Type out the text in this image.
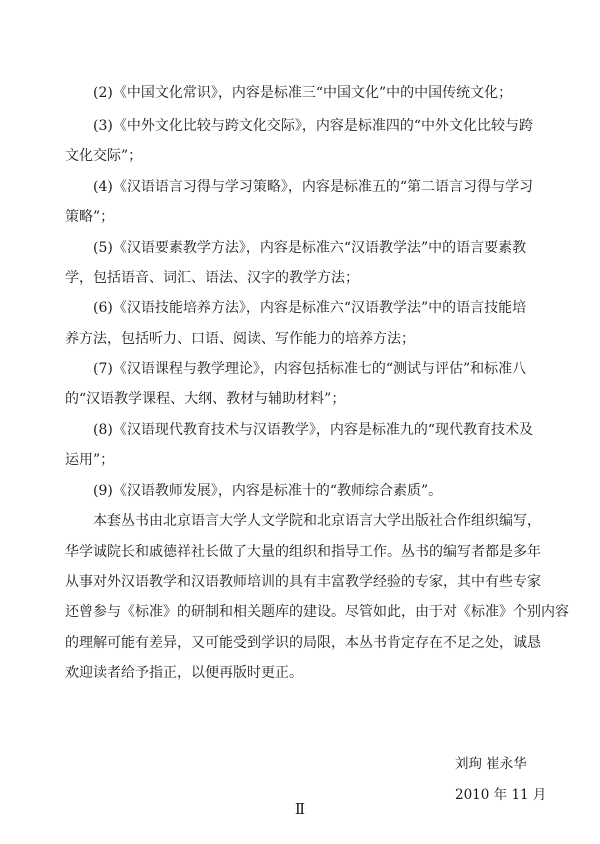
(2)《中国文化常识》，内容是标准三“中国文化”中的中国传统文化；
(3)《中外文化比较与跨文化交际》，内容是标准四的“中外文化比较与跨
文化交际”；
(4)《汉语语言习得与学习策略》，内容是标准五的“第二语言习得与学习
策略”；
(5)《汉语要素教学方法》，内容是标准六“汉语教学法”中的语言要素教
学，包括语音、词汇、语法、汉字的教学方法；
(6)《汉语技能培养方法》，内容是标准六“汉语教学法”中的语言技能培
养方法，包括听力、口语、阅读、写作能力的培养方法；
(7)《汉语课程与教学理论》，内容包括标准七的“测试与评估”和标准八
的“汉语教学课程、大纲、教材与辅助材料”；
(8)《汉语现代教育技术与汉语教学》，内容是标准九的“现代教育技术及
运用”；
(9)《汉语教师发展》，内容是标准十的“教师综合素质”。
本套丛书由北京语言大学人文学院和北京语言大学出版社合作组织编写，
华学诚院长和戚德祥社长做了大量的组织和指导工作。丛书的编写者都是多年
从事对外汉语教学和汉语教师培训的具有丰富教学经验的专家，其中有些专家
还曾参与《标准》的研制和相关题库的建设。尽管如此，由于对《标准》个别内容
的理解可能有差异，又可能受到学识的局限，本丛书肯定存在不足之处，诚恳
欢迎读者给予指正，以便再版时更正。
刘珣 崔永华
2010 年 11 月
Ⅱ
